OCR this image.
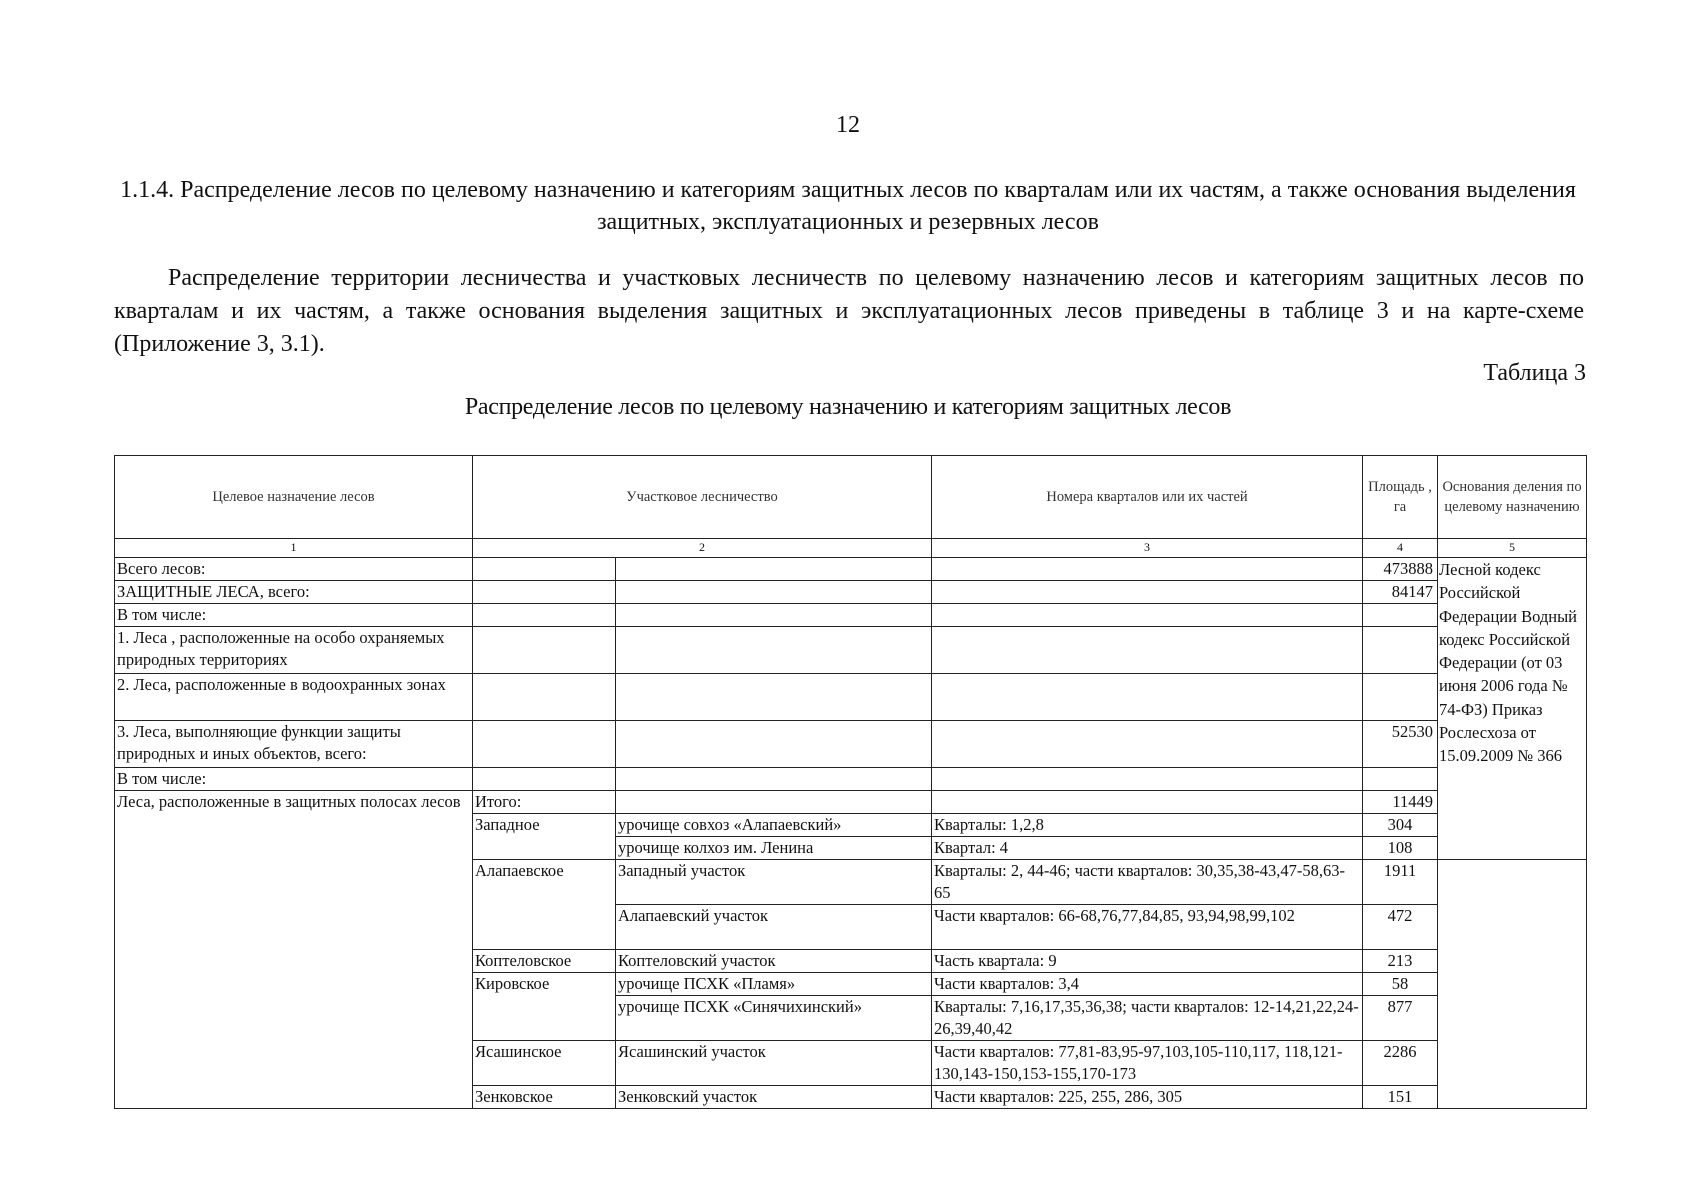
12
1.1.4. Распределение лесов по целевому назначению и категориям защитных лесов по кварталам или их частям, а также основания выделения защитных, эксплуатационных и резервных лесов
Распределение территории лесничества и участковых лесничеств по целевому назначению лесов и категориям защитных лесов по кварталам и их частям, а также основания выделения защитных и эксплуатационных лесов приведены в таблице 3 и на карте-схеме (Приложение 3, 3.1).
Таблица 3
Распределение лесов по целевому назначению и категориям защитных лесов
Целевое назначение лесов	Участковое лесничество		Номера кварталов или их частей	Площадь , га	Основания деления по целевому назначению
1	2		3	4	5
Всего лесов:				473888	Лесной кодекс Российской Федерации Водный кодекс Российской Федерации (от 03 июня 2006 года № 74-ФЗ) Приказ Рослесхоза от 15.09.2009 № 366
ЗАЩИТНЫЕ ЛЕСА, всего:				84147	
В том числе:					
1. Леса , расположенные на особо охраняемых природных территориях					
2. Леса, расположенные в водоохранных зонах					
3. Леса, выполняющие функции защиты природных и иных объектов, всего:				52530	
В том числе:					
Леса, расположенные в защитных полосах лесов	Итого:			11449	
	Западное	урочище совхоз «Алапаевский»	Кварталы: 1,2,8	304	
		урочище колхоз им. Ленина	Квартал: 4	108	
	Алапаевское	Западный участок	Кварталы: 2, 44-46; части кварталов: 30,35,38-43,47-58,63-65	1911	
		Алапаевский участок	Части кварталов: 66-68,76,77,84,85, 93,94,98,99,102	472	
	Коптеловское	Коптеловский участок	Часть квартала: 9	213	
	Кировское	урочище ПСХК «Пламя»	Части кварталов: 3,4	58	
		урочище ПСХК «Синячихинский»	Кварталы: 7,16,17,35,36,38; части кварталов: 12-14,21,22,24-26,39,40,42	877	
	Ясашинское	Ясашинский участок	Части кварталов: 77,81-83,95-97,103,105-110,117, 118,121-130,143-150,153-155,170-173	2286	
	Зенковское	Зенковский участок	Части кварталов: 225, 255, 286, 305	151	
